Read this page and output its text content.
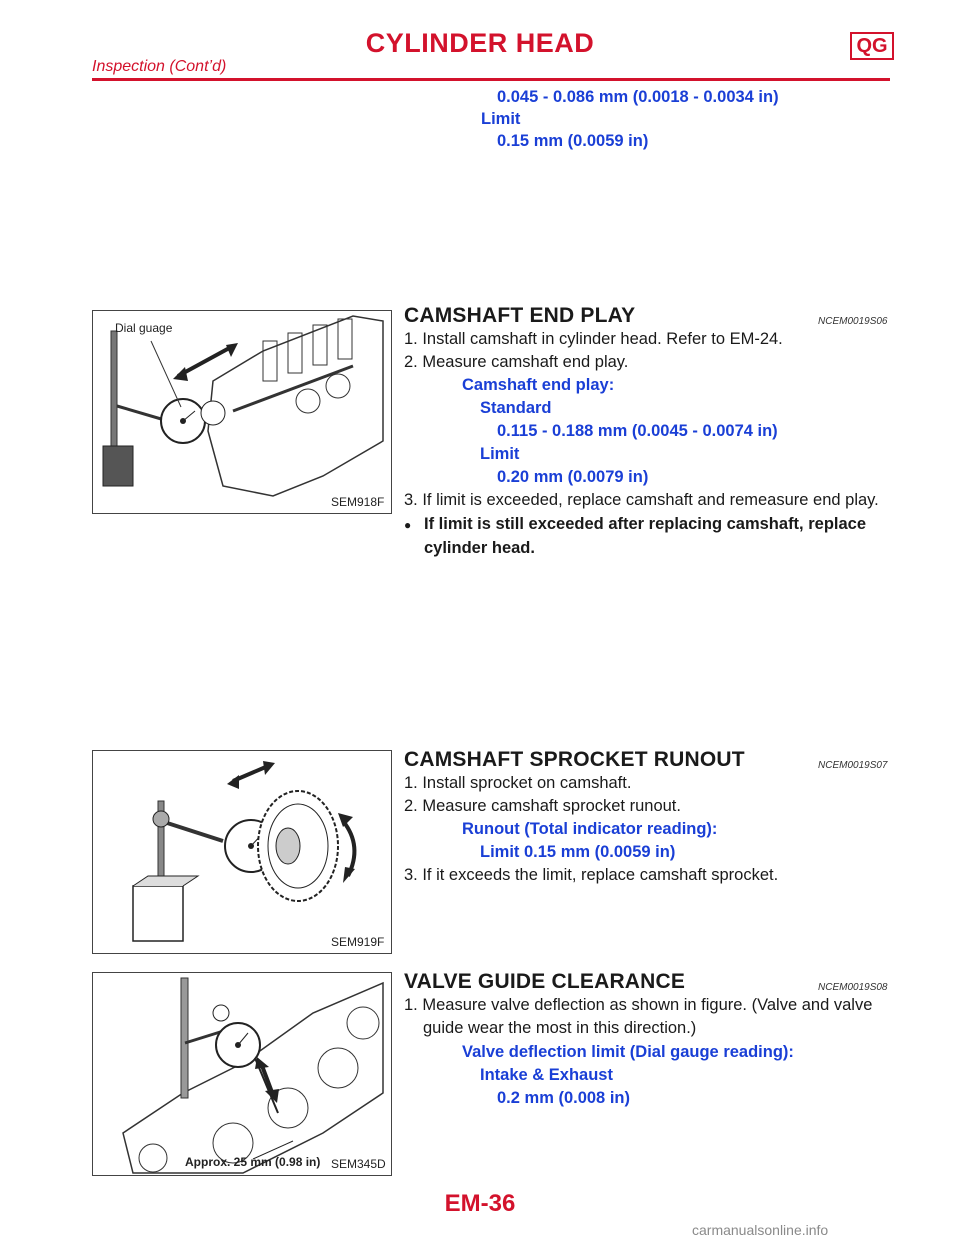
CYLINDER HEAD	QG
Inspection (Cont’d)
0.045 - 0.086 mm (0.0018 - 0.0034 in)
Limit
0.15 mm (0.0059 in)
Dial guage
SEM918F
CAMSHAFT END PLAY	NCEM0019S06
1. Install camshaft in cylinder head. Refer to EM-24.
2. Measure camshaft end play.
Camshaft end play:
Standard
0.115 - 0.188 mm (0.0045 - 0.0074 in)
Limit
0.20 mm (0.0079 in)
3. If limit is exceeded, replace camshaft and remeasure end play.
● If limit is still exceeded after replacing camshaft, replace cylinder head.
SEM919F
CAMSHAFT SPROCKET RUNOUT	NCEM0019S07
1. Install sprocket on camshaft.
2. Measure camshaft sprocket runout.
Runout (Total indicator reading):
Limit 0.15 mm (0.0059 in)
3. If it exceeds the limit, replace camshaft sprocket.
Approx. 25 mm (0.98 in) SEM345D
VALVE GUIDE CLEARANCE	NCEM0019S08
1. Measure valve deflection as shown in figure. (Valve and valve
guide wear the most in this direction.)
Valve deflection limit (Dial gauge reading):
Intake & Exhaust
0.2 mm (0.008 in)
EM-36
carmanualsonline.info
